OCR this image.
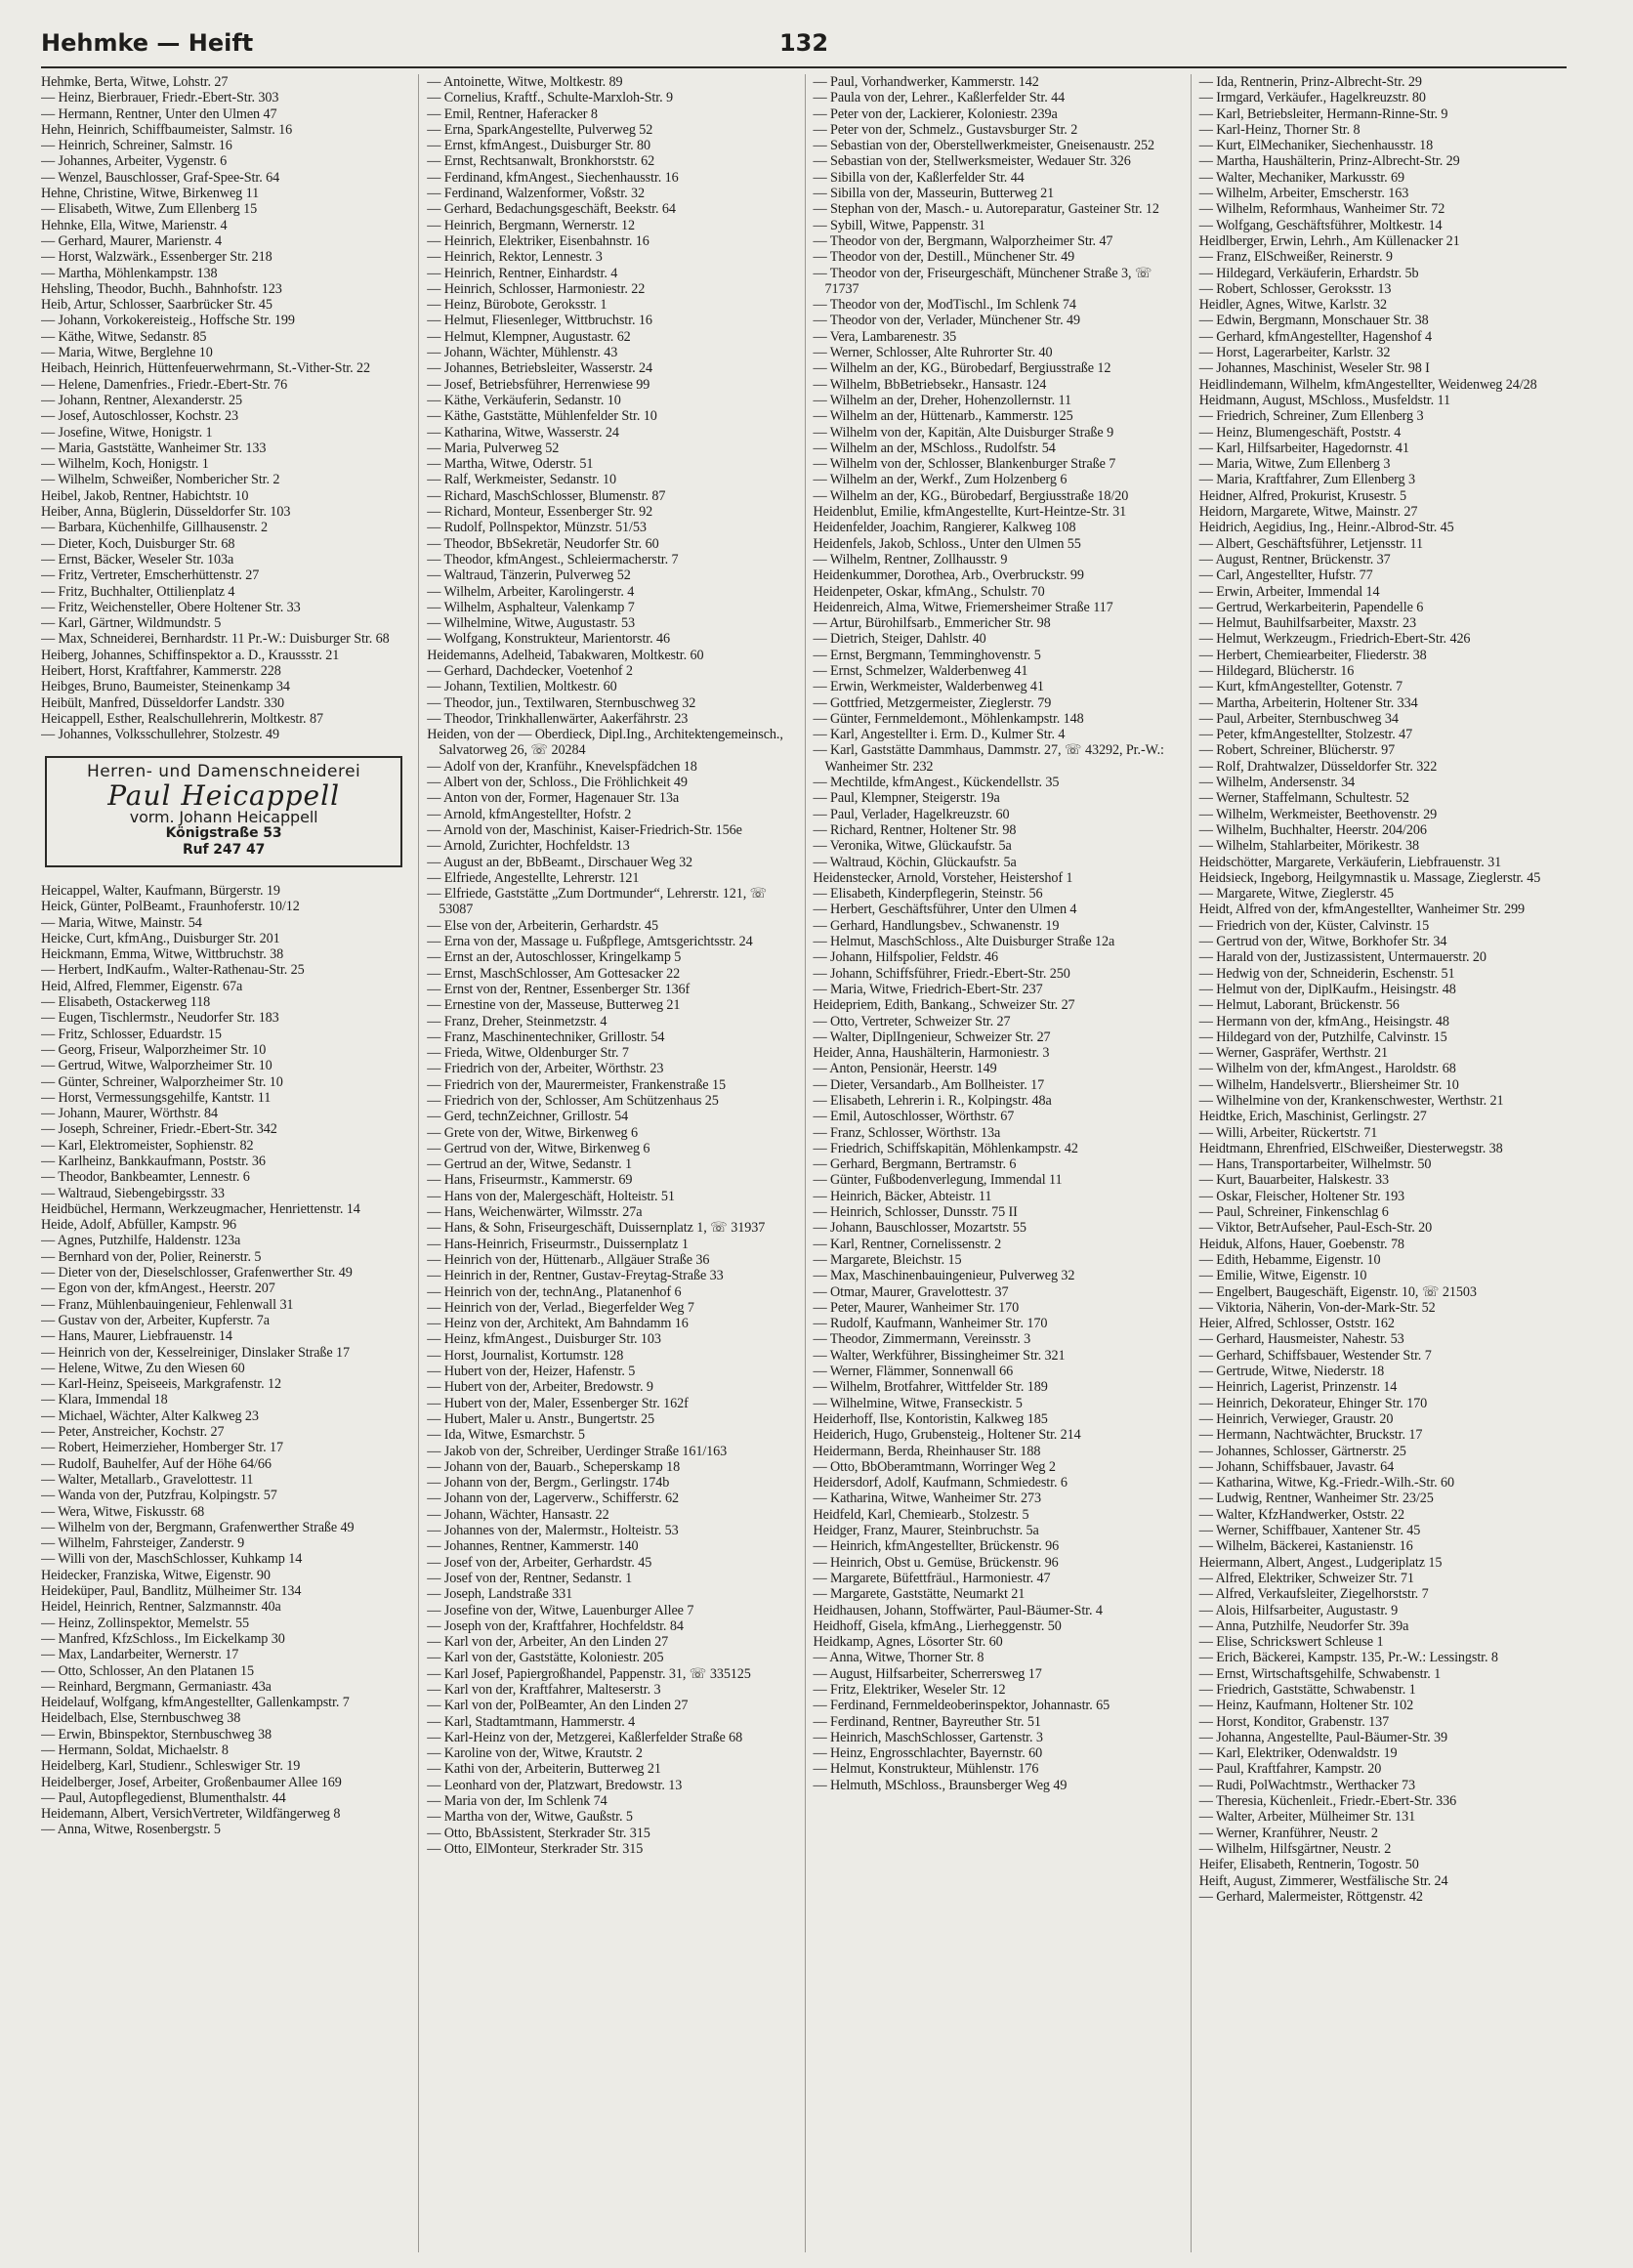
Hehmke — Heift	132
Hehmke, Berta, Witwe, Lohstr. 27
— Heinz, Bierbrauer, Friedr.-Ebert-Str. 303
— Hermann, Rentner, Unter den Ulmen 47
Hehn, Heinrich, Schiffbaumeister, Salmstr. 16
— Heinrich, Schreiner, Salmstr. 16
— Johannes, Arbeiter, Vygenstr. 6
— Wenzel, Bauschlosser, Graf-Spee-Str. 64
Hehne, Christine, Witwe, Birkenweg 11
— Elisabeth, Witwe, Zum Ellenberg 15
Hehnke, Ella, Witwe, Marienstr. 4
— Gerhard, Maurer, Marienstr. 4
— Horst, Walzwärk., Essenberger Str. 218
— Martha, Möhlenkampstr. 138
Hehsling, Theodor, Buchh., Bahnhofstr. 123
Heib, Artur, Schlosser, Saarbrücker Str. 45
— Johann, Vorkokereisteig., Hoffsche Str. 199
— Käthe, Witwe, Sedanstr. 85
— Maria, Witwe, Berglehne 10
Heibach, Heinrich, Hüttenfeuerwehrmann, St.-Vither-Str. 22
— Helene, Damenfries., Friedr.-Ebert-Str. 76
— Johann, Rentner, Alexanderstr. 25
— Josef, Autoschlosser, Kochstr. 23
— Josefine, Witwe, Honigstr. 1
— Maria, Gaststätte, Wanheimer Str. 133
— Wilhelm, Koch, Honigstr. 1
— Wilhelm, Schweißer, Nombericher Str. 2
Heibel, Jakob, Rentner, Habichtstr. 10
Heiber, Anna, Büglerin, Düsseldorfer Str. 103
— Barbara, Küchenhilfe, Gillhausenstr. 2
— Dieter, Koch, Duisburger Str. 68
— Ernst, Bäcker, Weseler Str. 103a
— Fritz, Vertreter, Emscherhüttenstr. 27
— Fritz, Buchhalter, Ottilienplatz 4
— Fritz, Weichensteller, Obere Holtener Str. 33
— Karl, Gärtner, Wildmundstr. 5
— Max, Schneiderei, Bernhardstr. 11 Pr.-W.: Duisburger Str. 68
Heiberg, Johannes, Schiffinspektor a. D., Kraussstr. 21
Heibert, Horst, Kraftfahrer, Kammerstr. 228
Heibges, Bruno, Baumeister, Steinenkamp 34
Heibült, Manfred, Düsseldorfer Landstr. 330
Heicappell, Esther, Realschullehrerin, Moltkestr. 87
— Johannes, Volksschullehrer, Stolzestr. 49
Herren- und Damenschneiderei
Paul Heicappell
vorm. Johann Heicappell
Königstraße 53
Ruf 247 47
Heicappel, Walter, Kaufmann, Bürgerstr. 19
Heick, Günter, PolBeamt., Fraunhoferstr. 10/12
— Maria, Witwe, Mainstr. 54
Heicke, Curt, kfmAng., Duisburger Str. 201
Heickmann, Emma, Witwe, Wittbruchstr. 38
— Herbert, IndKaufm., Walter-Rathenau-Str. 25
Heid, Alfred, Flemmer, Eigenstr. 67a
— Elisabeth, Ostackerweg 118
— Eugen, Tischlermstr., Neudorfer Str. 183
— Fritz, Schlosser, Eduardstr. 15
— Georg, Friseur, Walporzheimer Str. 10
— Gertrud, Witwe, Walporzheimer Str. 10
— Günter, Schreiner, Walporzheimer Str. 10
— Horst, Vermessungsgehilfe, Kantstr. 11
— Johann, Maurer, Wörthstr. 84
— Joseph, Schreiner, Friedr.-Ebert-Str. 342
— Karl, Elektromeister, Sophienstr. 82
— Karlheinz, Bankkaufmann, Poststr. 36
— Theodor, Bankbeamter, Lennestr. 6
— Waltraud, Siebengebirgsstr. 33
Heidbüchel, Hermann, Werkzeugmacher, Henriettenstr. 14
Heide, Adolf, Abfüller, Kampstr. 96
— Agnes, Putzhilfe, Haldenstr. 123a
— Bernhard von der, Polier, Reinerstr. 5
— Dieter von der, Dieselschlosser, Grafenwerther Str. 49
— Egon von der, kfmAngest., Heerstr. 207
— Franz, Mühlenbauingenieur, Fehlenwall 31
— Gustav von der, Arbeiter, Kupferstr. 7a
— Hans, Maurer, Liebfrauenstr. 14
— Heinrich von der, Kesselreiniger, Dinslaker Straße 17
— Helene, Witwe, Zu den Wiesen 60
— Karl-Heinz, Speiseeis, Markgrafenstr. 12
— Klara, Immendal 18
— Michael, Wächter, Alter Kalkweg 23
— Peter, Anstreicher, Kochstr. 27
— Robert, Heimerzieher, Homberger Str. 17
— Rudolf, Bauhelfer, Auf der Höhe 64/66
— Walter, Metallarb., Gravelottestr. 11
— Wanda von der, Putzfrau, Kolpingstr. 57
— Wera, Witwe, Fiskusstr. 68
— Wilhelm von der, Bergmann, Grafenwerther Straße 49
— Wilhelm, Fahrsteiger, Zanderstr. 9
— Willi von der, MaschSchlosser, Kuhkamp 14
Heidecker, Franziska, Witwe, Eigenstr. 90
Heideküper, Paul, Bandlitz, Mülheimer Str. 134
Heidel, Heinrich, Rentner, Salzmannstr. 40a
— Heinz, Zollinspektor, Memelstr. 55
— Manfred, KfzSchloss., Im Eickelkamp 30
— Max, Landarbeiter, Wernerstr. 17
— Otto, Schlosser, An den Platanen 15
— Reinhard, Bergmann, Germaniastr. 43a
Heidelauf, Wolfgang, kfmAngestellter, Gallenkampstr. 7
Heidelbach, Else, Sternbuschweg 38
— Erwin, Bbinspektor, Sternbuschweg 38
— Hermann, Soldat, Michaelstr. 8
Heidelberg, Karl, Studienr., Schleswiger Str. 19
Heidelberger, Josef, Arbeiter, Großenbaumer Allee 169
— Paul, Autopflegedienst, Blumenthalstr. 44
Heidemann, Albert, VersichVertreter, Wildfängerweg 8
— Anna, Witwe, Rosenbergstr. 5
— Antoinette, Witwe, Moltkestr. 89
— Cornelius, Kraftf., Schulte-Marxloh-Str. 9
— Emil, Rentner, Haferacker 8
— Erna, SparkAngestellte, Pulverweg 52
— Ernst, kfmAngest., Duisburger Str. 80
— Ernst, Rechtsanwalt, Bronkhorststr. 62
— Ferdinand, kfmAngest., Siechenhausstr. 16
— Ferdinand, Walzenformer, Voßstr. 32
— Gerhard, Bedachungsgeschäft, Beekstr. 64
— Heinrich, Bergmann, Wernerstr. 12
— Heinrich, Elektriker, Eisenbahnstr. 16
— Heinrich, Rektor, Lennestr. 3
— Heinrich, Rentner, Einhardstr. 4
— Heinrich, Schlosser, Harmoniestr. 22
— Heinz, Bürobote, Geroksstr. 1
— Helmut, Fliesenleger, Wittbruchstr. 16
— Helmut, Klempner, Augustastr. 62
— Johann, Wächter, Mühlenstr. 43
— Johannes, Betriebsleiter, Wasserstr. 24
— Josef, Betriebsführer, Herrenwiese 99
— Käthe, Verkäuferin, Sedanstr. 10
— Käthe, Gaststätte, Mühlenfelder Str. 10
— Katharina, Witwe, Wasserstr. 24
— Maria, Pulverweg 52
— Martha, Witwe, Oderstr. 51
— Ralf, Werkmeister, Sedanstr. 10
— Richard, MaschSchlosser, Blumenstr. 87
— Richard, Monteur, Essenberger Str. 92
— Rudolf, Pollnspektor, Münzstr. 51/53
— Theodor, BbSekretär, Neudorfer Str. 60
— Theodor, kfmAngest., Schleiermacherstr. 7
— Waltraud, Tänzerin, Pulverweg 52
— Wilhelm, Arbeiter, Karolingerstr. 4
— Wilhelm, Asphalteur, Valenkamp 7
— Wilhelmine, Witwe, Augustastr. 53
— Wolfgang, Konstrukteur, Marientorstr. 46
Heidemanns, Adelheid, Tabakwaren, Moltkestr. 60
— Gerhard, Dachdecker, Voetenhof 2
— Johann, Textilien, Moltkestr. 60
— Theodor, jun., Textilwaren, Sternbuschweg 32
— Theodor, Trinkhallenwärter, Aakerfährstr. 23
Heiden, von der — Oberdieck, Dipl.Ing., Architektengemeinsch., Salvatorweg 26, ☏ 20284
— Adolf von der, Kranführ., Knevelspfädchen 18
— Albert von der, Schloss., Die Fröhlichkeit 49
— Anton von der, Former, Hagenauer Str. 13a
— Arnold, kfmAngestellter, Hofstr. 2
— Arnold von der, Maschinist, Kaiser-Friedrich-Str. 156e
— Arnold, Zurichter, Hochfeldstr. 13
— August an der, BbBeamt., Dirschauer Weg 32
— Elfriede, Angestellte, Lehrerstr. 121
— Elfriede, Gaststätte „Zum Dortmunder“, Lehrerstr. 121, ☏ 53087
— Else von der, Arbeiterin, Gerhardstr. 45
— Erna von der, Massage u. Fußpflege, Amtsgerichtsstr. 24
— Ernst an der, Autoschlosser, Kringelkamp 5
— Ernst, MaschSchlosser, Am Gottesacker 22
— Ernst von der, Rentner, Essenberger Str. 136f
— Ernestine von der, Masseuse, Butterweg 21
— Franz, Dreher, Steinmetzstr. 4
— Franz, Maschinentechniker, Grillostr. 54
— Frieda, Witwe, Oldenburger Str. 7
— Friedrich von der, Arbeiter, Wörthstr. 23
— Friedrich von der, Maurermeister, Frankenstraße 15
— Friedrich von der, Schlosser, Am Schützenhaus 25
— Gerd, technZeichner, Grillostr. 54
— Grete von der, Witwe, Birkenweg 6
— Gertrud von der, Witwe, Birkenweg 6
— Gertrud an der, Witwe, Sedanstr. 1
— Hans, Friseurmstr., Kammerstr. 69
— Hans von der, Malergeschäft, Holteistr. 51
— Hans, Weichenwärter, Wilmsstr. 27a
— Hans, & Sohn, Friseurgeschäft, Duissernplatz 1, ☏ 31937
— Hans-Heinrich, Friseurmstr., Duissernplatz 1
— Heinrich von der, Hüttenarb., Allgäuer Straße 36
— Heinrich in der, Rentner, Gustav-Freytag-Straße 33
— Heinrich von der, technAng., Platanenhof 6
— Heinrich von der, Verlad., Biegerfelder Weg 7
— Heinz von der, Architekt, Am Bahndamm 16
— Heinz, kfmAngest., Duisburger Str. 103
— Horst, Journalist, Kortumstr. 128
— Hubert von der, Heizer, Hafenstr. 5
— Hubert von der, Arbeiter, Bredowstr. 9
— Hubert von der, Maler, Essenberger Str. 162f
— Hubert, Maler u. Anstr., Bungertstr. 25
— Ida, Witwe, Esmarchstr. 5
— Jakob von der, Schreiber, Uerdinger Straße 161/163
— Johann von der, Bauarb., Scheperskamp 18
— Johann von der, Bergm., Gerlingstr. 174b
— Johann von der, Lagerverw., Schifferstr. 62
— Johann, Wächter, Hansastr. 22
— Johannes von der, Malermstr., Holteistr. 53
— Johannes, Rentner, Kammerstr. 140
— Josef von der, Arbeiter, Gerhardstr. 45
— Josef von der, Rentner, Sedanstr. 1
— Joseph, Landstraße 331
— Josefine von der, Witwe, Lauenburger Allee 7
— Joseph von der, Kraftfahrer, Hochfeldstr. 84
— Karl von der, Arbeiter, An den Linden 27
— Karl von der, Gaststätte, Koloniestr. 205
— Karl Josef, Papiergroßhandel, Pappenstr. 31, ☏ 335125
— Karl von der, Kraftfahrer, Malteserstr. 3
— Karl von der, PolBeamter, An den Linden 27
— Karl, Stadtamtmann, Hammerstr. 4
— Karl-Heinz von der, Metzgerei, Kaßlerfelder Straße 68
— Karoline von der, Witwe, Krautstr. 2
— Kathi von der, Arbeiterin, Butterweg 21
— Leonhard von der, Platzwart, Bredowstr. 13
— Maria von der, Im Schlenk 74
— Martha von der, Witwe, Gaußstr. 5
— Otto, BbAssistent, Sterkrader Str. 315
— Otto, ElMonteur, Sterkrader Str. 315
— Paul, Vorhandwerker, Kammerstr. 142
— Paula von der, Lehrer., Kaßlerfelder Str. 44
— Peter von der, Lackierer, Koloniestr. 239a
— Peter von der, Schmelz., Gustavsburger Str. 2
— Sebastian von der, Oberstellwerkmeister, Gneisenaustr. 252
— Sebastian von der, Stellwerksmeister, Wedauer Str. 326
— Sibilla von der, Kaßlerfelder Str. 44
— Sibilla von der, Masseurin, Butterweg 21
— Stephan von der, Masch.- u. Autoreparatur, Gasteiner Str. 12
— Sybill, Witwe, Pappenstr. 31
— Theodor von der, Bergmann, Walporzheimer Str. 47
— Theodor von der, Destill., Münchener Str. 49
— Theodor von der, Friseurgeschäft, Münchener Straße 3, ☏ 71737
— Theodor von der, ModTischl., Im Schlenk 74
— Theodor von der, Verlader, Münchener Str. 49
— Vera, Lambarenestr. 35
— Werner, Schlosser, Alte Ruhrorter Str. 40
— Wilhelm an der, KG., Bürobedarf, Bergiusstraße 12
— Wilhelm, BbBetriebsekr., Hansastr. 124
— Wilhelm an der, Dreher, Hohenzollernstr. 11
— Wilhelm an der, Hüttenarb., Kammerstr. 125
— Wilhelm von der, Kapitän, Alte Duisburger Straße 9
— Wilhelm an der, MSchloss., Rudolfstr. 54
— Wilhelm von der, Schlosser, Blankenburger Straße 7
— Wilhelm an der, Werkf., Zum Holzenberg 6
— Wilhelm an der, KG., Bürobedarf, Bergiusstraße 18/20
Heidenblut, Emilie, kfmAngestellte, Kurt-Heintze-Str. 31
Heidenfelder, Joachim, Rangierer, Kalkweg 108
Heidenfels, Jakob, Schloss., Unter den Ulmen 55
— Wilhelm, Rentner, Zollhausstr. 9
Heidenkummer, Dorothea, Arb., Overbruckstr. 99
Heidenpeter, Oskar, kfmAng., Schulstr. 70
Heidenreich, Alma, Witwe, Friemersheimer Straße 117
— Artur, Bürohilfsarb., Emmericher Str. 98
— Dietrich, Steiger, Dahlstr. 40
— Ernst, Bergmann, Temminghovenstr. 5
— Ernst, Schmelzer, Walderbenweg 41
— Erwin, Werkmeister, Walderbenweg 41
— Gottfried, Metzgermeister, Zieglerstr. 79
— Günter, Fernmeldemont., Möhlenkampstr. 148
— Karl, Angestellter i. Erm. D., Kulmer Str. 4
— Karl, Gaststätte Dammhaus, Dammstr. 27, ☏ 43292, Pr.-W.: Wanheimer Str. 232
— Mechtilde, kfmAngest., Kückendellstr. 35
— Paul, Klempner, Steigerstr. 19a
— Paul, Verlader, Hagelkreuzstr. 60
— Richard, Rentner, Holtener Str. 98
— Veronika, Witwe, Glückaufstr. 5a
— Waltraud, Köchin, Glückaufstr. 5a
Heidenstecker, Arnold, Vorsteher, Heistershof 1
— Elisabeth, Kinderpflegerin, Steinstr. 56
— Herbert, Geschäftsführer, Unter den Ulmen 4
— Gerhard, Handlungsbev., Schwanenstr. 19
— Helmut, MaschSchloss., Alte Duisburger Straße 12a
— Johann, Hilfspolier, Feldstr. 46
— Johann, Schiffsführer, Friedr.-Ebert-Str. 250
— Maria, Witwe, Friedrich-Ebert-Str. 237
Heidepriem, Edith, Bankang., Schweizer Str. 27
— Otto, Vertreter, Schweizer Str. 27
— Walter, DiplIngenieur, Schweizer Str. 27
Heider, Anna, Haushälterin, Harmoniestr. 3
— Anton, Pensionär, Heerstr. 149
— Dieter, Versandarb., Am Bollheister. 17
— Elisabeth, Lehrerin i. R., Kolpingstr. 48a
— Emil, Autoschlosser, Wörthstr. 67
— Franz, Schlosser, Wörthstr. 13a
— Friedrich, Schiffskapitän, Möhlenkampstr. 42
— Gerhard, Bergmann, Bertramstr. 6
— Günter, Fußbodenverlegung, Immendal 11
— Heinrich, Bäcker, Abteistr. 11
— Heinrich, Schlosser, Dunsstr. 75 II
— Johann, Bauschlosser, Mozartstr. 55
— Karl, Rentner, Cornelissenstr. 2
— Margarete, Bleichstr. 15
— Max, Maschinenbauingenieur, Pulverweg 32
— Otmar, Maurer, Gravelottestr. 37
— Peter, Maurer, Wanheimer Str. 170
— Rudolf, Kaufmann, Wanheimer Str. 170
— Theodor, Zimmermann, Vereinsstr. 3
— Walter, Werkführer, Bissingheimer Str. 321
— Werner, Flämmer, Sonnenwall 66
— Wilhelm, Brotfahrer, Wittfelder Str. 189
— Wilhelmine, Witwe, Franseckistr. 5
Heiderhoff, Ilse, Kontoristin, Kalkweg 185
Heiderich, Hugo, Grubensteig., Holtener Str. 214
Heidermann, Berda, Rheinhauser Str. 188
— Otto, BbOberamtmann, Worringer Weg 2
Heidersdorf, Adolf, Kaufmann, Schmiedestr. 6
— Katharina, Witwe, Wanheimer Str. 273
Heidfeld, Karl, Chemiearb., Stolzestr. 5
Heidger, Franz, Maurer, Steinbruchstr. 5a
— Heinrich, kfmAngestellter, Brückenstr. 96
— Heinrich, Obst u. Gemüse, Brückenstr. 96
— Margarete, Büfettfräul., Harmoniestr. 47
— Margarete, Gaststätte, Neumarkt 21
Heidhausen, Johann, Stoffwärter, Paul-Bäumer-Str. 4
Heidhoff, Gisela, kfmAng., Lierheggenstr. 50
Heidkamp, Agnes, Lösorter Str. 60
— Anna, Witwe, Thorner Str. 8
— August, Hilfsarbeiter, Scherrersweg 17
— Fritz, Elektriker, Weseler Str. 12
— Ferdinand, Fernmeldeoberinspektor, Johannastr. 65
— Ferdinand, Rentner, Bayreuther Str. 51
— Heinrich, MaschSchlosser, Gartenstr. 3
— Heinz, Engrosschlachter, Bayernstr. 60
— Helmut, Konstrukteur, Mühlenstr. 176
— Helmuth, MSchloss., Braunsberger Weg 49
— Ida, Rentnerin, Prinz-Albrecht-Str. 29
— Irmgard, Verkäufer., Hagelkreuzstr. 80
— Karl, Betriebsleiter, Hermann-Rinne-Str. 9
— Karl-Heinz, Thorner Str. 8
— Kurt, ElMechaniker, Siechenhausstr. 18
— Martha, Haushälterin, Prinz-Albrecht-Str. 29
— Walter, Mechaniker, Markusstr. 69
— Wilhelm, Arbeiter, Emscherstr. 163
— Wilhelm, Reformhaus, Wanheimer Str. 72
— Wolfgang, Geschäftsführer, Moltkestr. 14
Heidlberger, Erwin, Lehrh., Am Küllenacker 21
— Franz, ElSchweißer, Reinerstr. 9
— Hildegard, Verkäuferin, Erhardstr. 5b
— Robert, Schlosser, Geroksstr. 13
Heidler, Agnes, Witwe, Karlstr. 32
— Edwin, Bergmann, Monschauer Str. 38
— Gerhard, kfmAngestellter, Hagenshof 4
— Horst, Lagerarbeiter, Karlstr. 32
— Johannes, Maschinist, Weseler Str. 98 I
Heidlindemann, Wilhelm, kfmAngestellter, Weidenweg 24/28
Heidmann, August, MSchloss., Musfeldstr. 11
— Friedrich, Schreiner, Zum Ellenberg 3
— Heinz, Blumengeschäft, Poststr. 4
— Karl, Hilfsarbeiter, Hagedornstr. 41
— Maria, Witwe, Zum Ellenberg 3
— Maria, Kraftfahrer, Zum Ellenberg 3
Heidner, Alfred, Prokurist, Krusestr. 5
Heidorn, Margarete, Witwe, Mainstr. 27
Heidrich, Aegidius, Ing., Heinr.-Albrod-Str. 45
— Albert, Geschäftsführer, Letjensstr. 11
— August, Rentner, Brückenstr. 37
— Carl, Angestellter, Hufstr. 77
— Erwin, Arbeiter, Immendal 14
— Gertrud, Werkarbeiterin, Papendelle 6
— Helmut, Bauhilfsarbeiter, Maxstr. 23
— Helmut, Werkzeugm., Friedrich-Ebert-Str. 426
— Herbert, Chemiearbeiter, Fliederstr. 38
— Hildegard, Blücherstr. 16
— Kurt, kfmAngestellter, Gotenstr. 7
— Martha, Arbeiterin, Holtener Str. 334
— Paul, Arbeiter, Sternbuschweg 34
— Peter, kfmAngestellter, Stolzestr. 47
— Robert, Schreiner, Blücherstr. 97
— Rolf, Drahtwalzer, Düsseldorfer Str. 322
— Wilhelm, Andersenstr. 34
— Werner, Staffelmann, Schultestr. 52
— Wilhelm, Werkmeister, Beethovenstr. 29
— Wilhelm, Buchhalter, Heerstr. 204/206
— Wilhelm, Stahlarbeiter, Mörikestr. 38
Heidschötter, Margarete, Verkäuferin, Liebfrauenstr. 31
Heidsieck, Ingeborg, Heilgymnastik u. Massage, Zieglerstr. 45
— Margarete, Witwe, Zieglerstr. 45
Heidt, Alfred von der, kfmAngestellter, Wanheimer Str. 299
— Friedrich von der, Küster, Calvinstr. 15
— Gertrud von der, Witwe, Borkhofer Str. 34
— Harald von der, Justizassistent, Untermauerstr. 20
— Hedwig von der, Schneiderin, Eschenstr. 51
— Helmut von der, DiplKaufm., Heisingstr. 48
— Helmut, Laborant, Brückenstr. 56
— Hermann von der, kfmAng., Heisingstr. 48
— Hildegard von der, Putzhilfe, Calvinstr. 15
— Werner, Gaspräfer, Werthstr. 21
— Wilhelm von der, kfmAngest., Haroldstr. 68
— Wilhelm, Handelsvertr., Bliersheimer Str. 10
— Wilhelmine von der, Krankenschwester, Werthstr. 21
Heidtke, Erich, Maschinist, Gerlingstr. 27
— Willi, Arbeiter, Rückertstr. 71
Heidtmann, Ehrenfried, ElSchweißer, Diesterwegstr. 38
— Hans, Transportarbeiter, Wilhelmstr. 50
— Kurt, Bauarbeiter, Halskestr. 33
— Oskar, Fleischer, Holtener Str. 193
— Paul, Schreiner, Finkenschlag 6
— Viktor, BetrAufseher, Paul-Esch-Str. 20
Heiduk, Alfons, Hauer, Goebenstr. 78
— Edith, Hebamme, Eigenstr. 10
— Emilie, Witwe, Eigenstr. 10
— Engelbert, Baugeschäft, Eigenstr. 10, ☏ 21503
— Viktoria, Näherin, Von-der-Mark-Str. 52
Heier, Alfred, Schlosser, Oststr. 162
— Gerhard, Hausmeister, Nahestr. 53
— Gerhard, Schiffsbauer, Westender Str. 7
— Gertrude, Witwe, Niederstr. 18
— Heinrich, Lagerist, Prinzenstr. 14
— Heinrich, Dekorateur, Ehinger Str. 170
— Heinrich, Verwieger, Graustr. 20
— Hermann, Nachtwächter, Bruckstr. 17
— Johannes, Schlosser, Gärtnerstr. 25
— Johann, Schiffsbauer, Javastr. 64
— Katharina, Witwe, Kg.-Friedr.-Wilh.-Str. 60
— Ludwig, Rentner, Wanheimer Str. 23/25
— Walter, KfzHandwerker, Oststr. 22
— Werner, Schiffbauer, Xantener Str. 45
— Wilhelm, Bäckerei, Kastanienstr. 16
Heiermann, Albert, Angest., Ludgeriplatz 15
— Alfred, Elektriker, Schweizer Str. 71
— Alfred, Verkaufsleiter, Ziegelhorststr. 7
— Alois, Hilfsarbeiter, Augustastr. 9
— Anna, Putzhilfe, Neudorfer Str. 39a
— Elise, Schrickswert Schleuse 1
— Erich, Bäckerei, Kampstr. 135, Pr.-W.: Lessingstr. 8
— Ernst, Wirtschaftsgehilfe, Schwabenstr. 1
— Friedrich, Gaststätte, Schwabenstr. 1
— Heinz, Kaufmann, Holtener Str. 102
— Horst, Konditor, Grabenstr. 137
— Johanna, Angestellte, Paul-Bäumer-Str. 39
— Karl, Elektriker, Odenwaldstr. 19
— Paul, Kraftfahrer, Kampstr. 20
— Rudi, PolWachtmstr., Werthacker 73
— Theresia, Küchenleit., Friedr.-Ebert-Str. 336
— Walter, Arbeiter, Mülheimer Str. 131
— Werner, Kranführer, Neustr. 2
— Wilhelm, Hilfsgärtner, Neustr. 2
Heifer, Elisabeth, Rentnerin, Togostr. 50
Heift, August, Zimmerer, Westfälische Str. 24
— Gerhard, Malermeister, Röttgenstr. 42
